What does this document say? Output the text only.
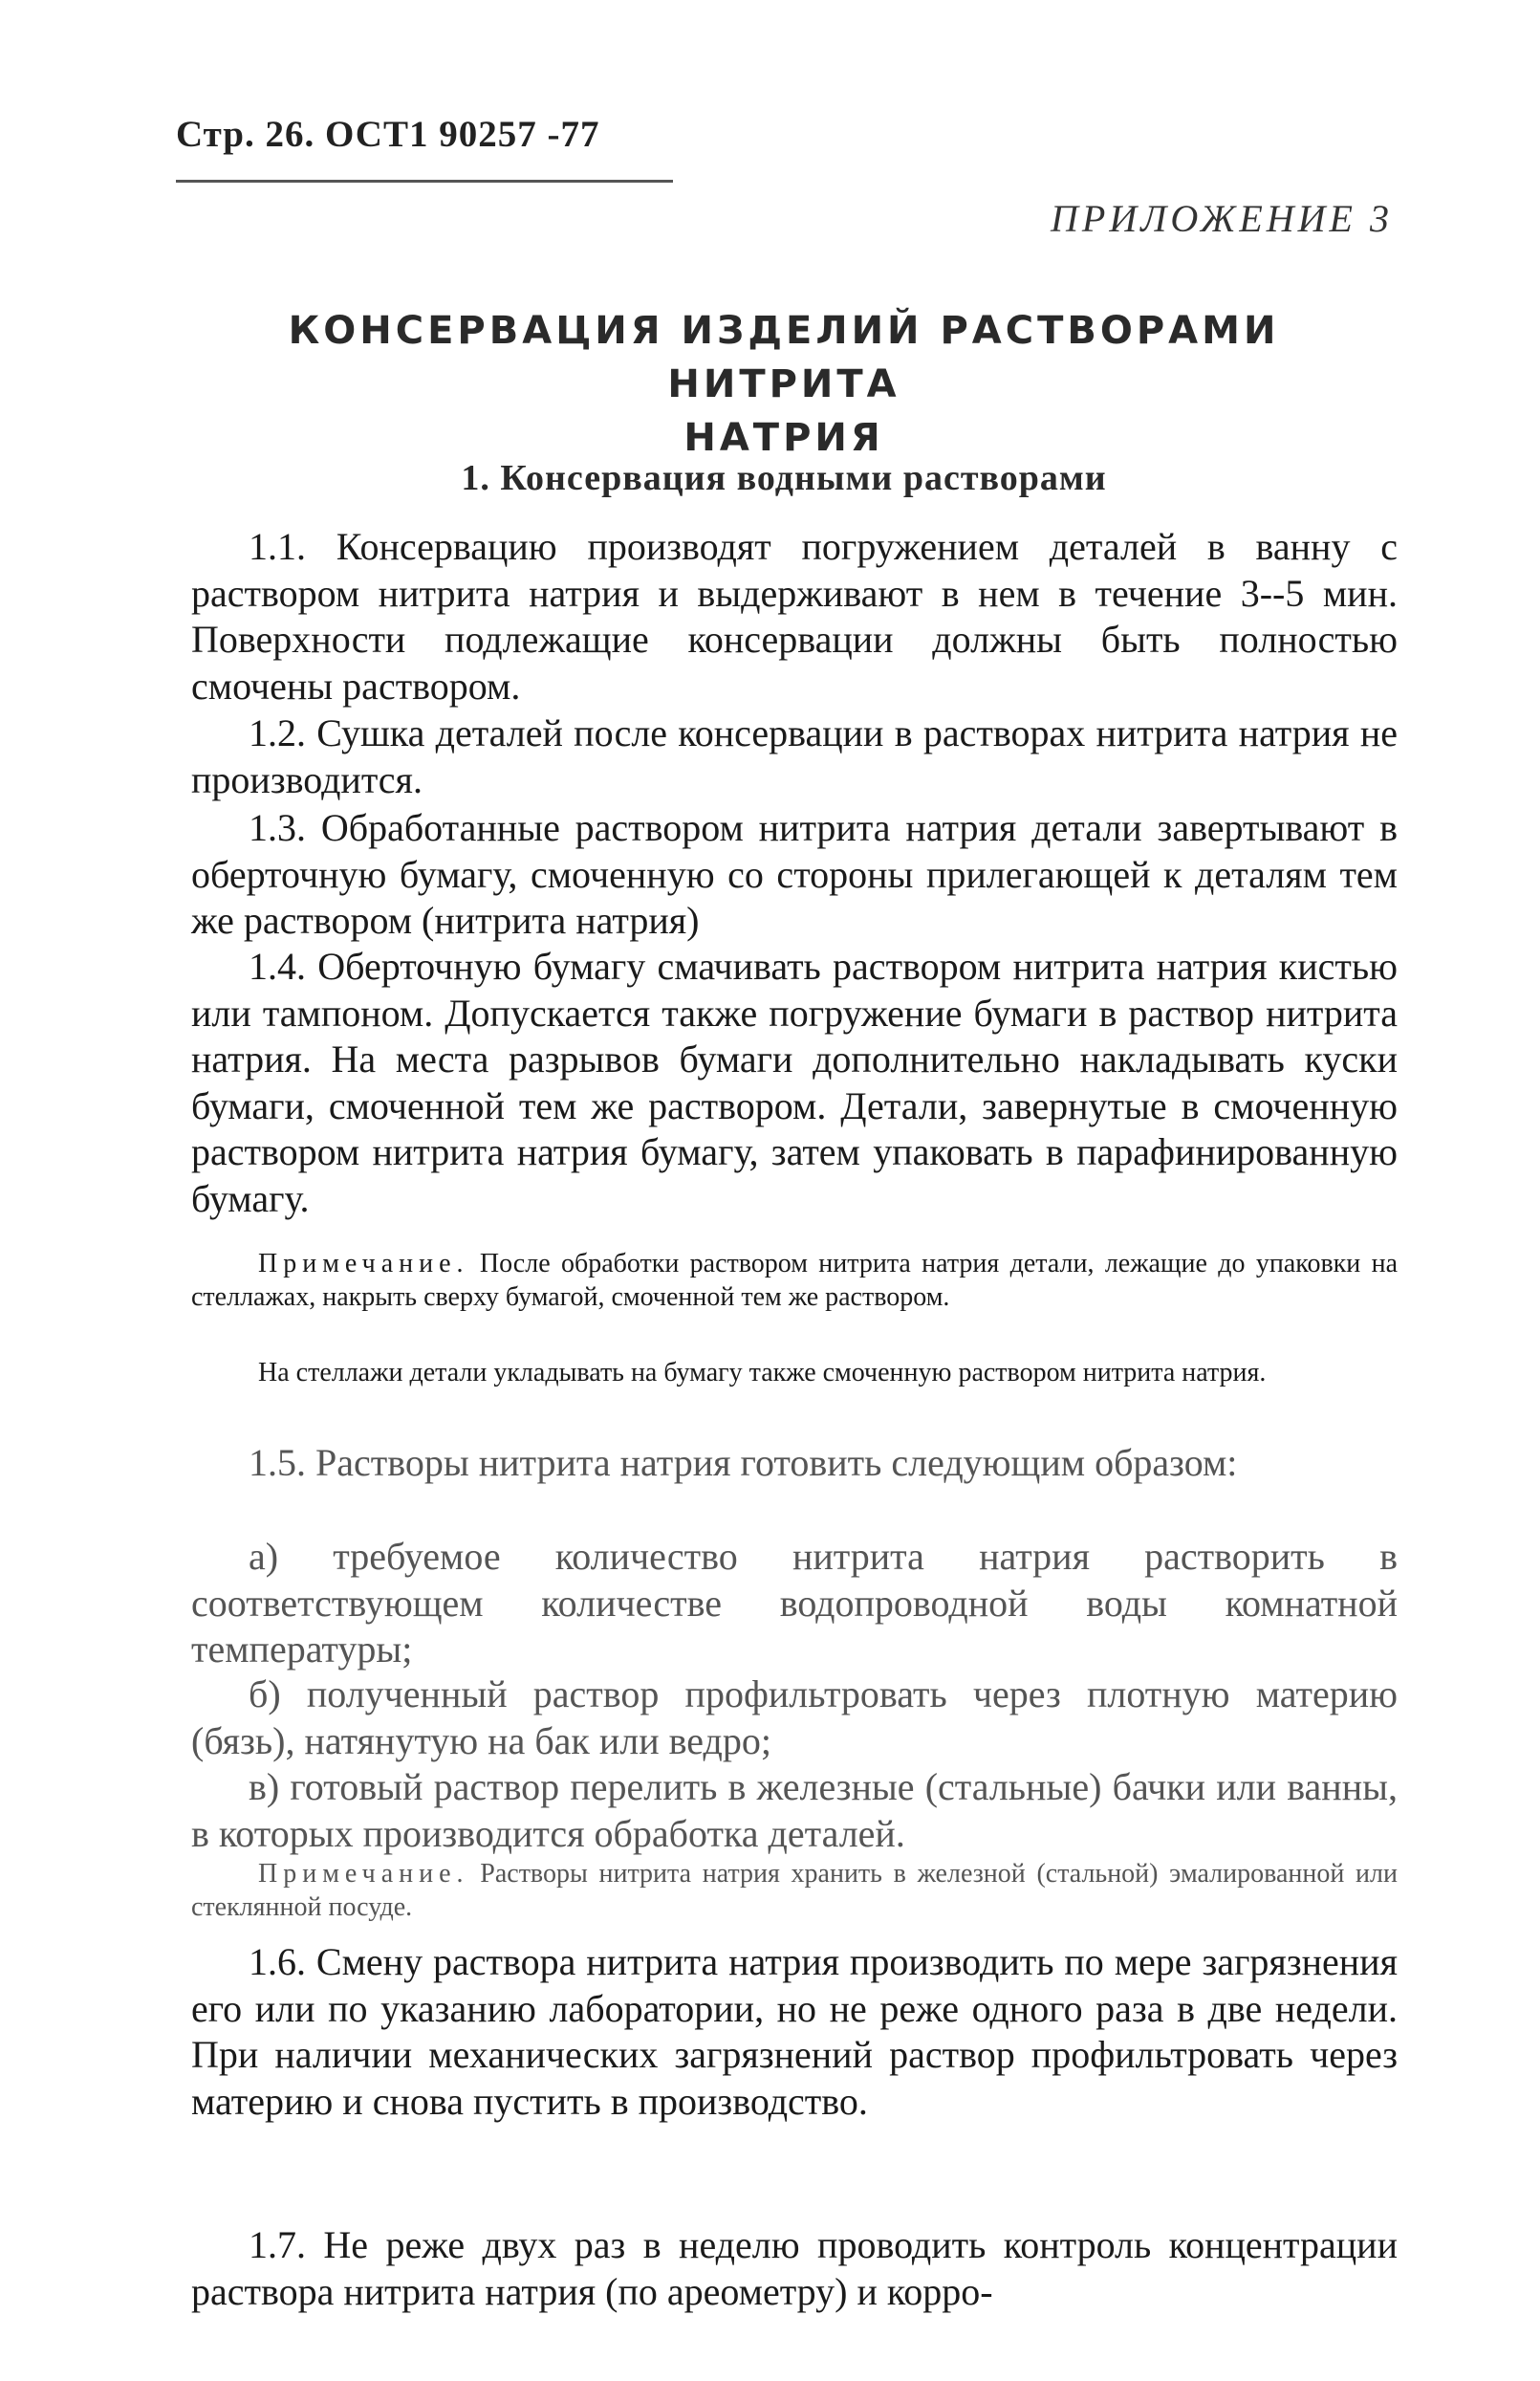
Стр. 26. ОСТ1 90257 -77
ПРИЛОЖЕНИЕ 3
КОНСЕРВАЦИЯ ИЗДЕЛИЙ РАСТВОРАМИ НИТРИТА
НАТРИЯ
1. Консервация водными растворами

1.1. Консервацию производят погружением деталей в ванну с раствором нитрита натрия и выдерживают в нем в течение 3--5 мин. Поверхности подлежащие консервации должны быть полностью смочены раствором.

1.2. Сушка деталей после консервации в растворах нитрита натрия не производится.

1.3. Обработанные раствором нитрита натрия детали завертывают в оберточную бумагу, смоченную со стороны прилегающей к деталям тем же раствором (нитрита натрия)

1.4. Оберточную бумагу смачивать раствором нитрита натрия кистью или тампоном. Допускается также погружение бумаги в раствор нитрита натрия. На места разрывов бумаги дополнительно накладывать куски бумаги, смоченной тем же раствором. Детали, завернутые в смоченную раствором нитрита натрия бумагу, затем упаковать в парафинированную бумагу.

Примечание. После обработки раствором нитрита натрия детали, лежащие до упаковки на стеллажах, накрыть сверху бумагой, смоченной тем же раствором.

На стеллажи детали укладывать на бумагу также смоченную раствором нитрита натрия.

1.5. Растворы нитрита натрия готовить следующим образом:

а) требуемое количество нитрита натрия растворить в соответствующем количестве водопроводной воды комнатной температуры;

б) полученный раствор профильтровать через плотную материю (бязь), натянутую на бак или ведро;

в) готовый раствор перелить в железные (стальные) бачки или ванны, в которых производится обработка деталей.

Примечание. Растворы нитрита натрия хранить в железной (стальной) эмалированной или стеклянной посуде.

1.6. Смену раствора нитрита натрия производить по мере загрязнения его или по указанию лаборатории, но не реже одного раза в две недели. При наличии механических загрязнений раствор профильтровать через материю и снова пустить в производство.

1.7. Не реже двух раз в неделю проводить контроль концентрации раствора нитрита натрия (по ареометру) и корро-
